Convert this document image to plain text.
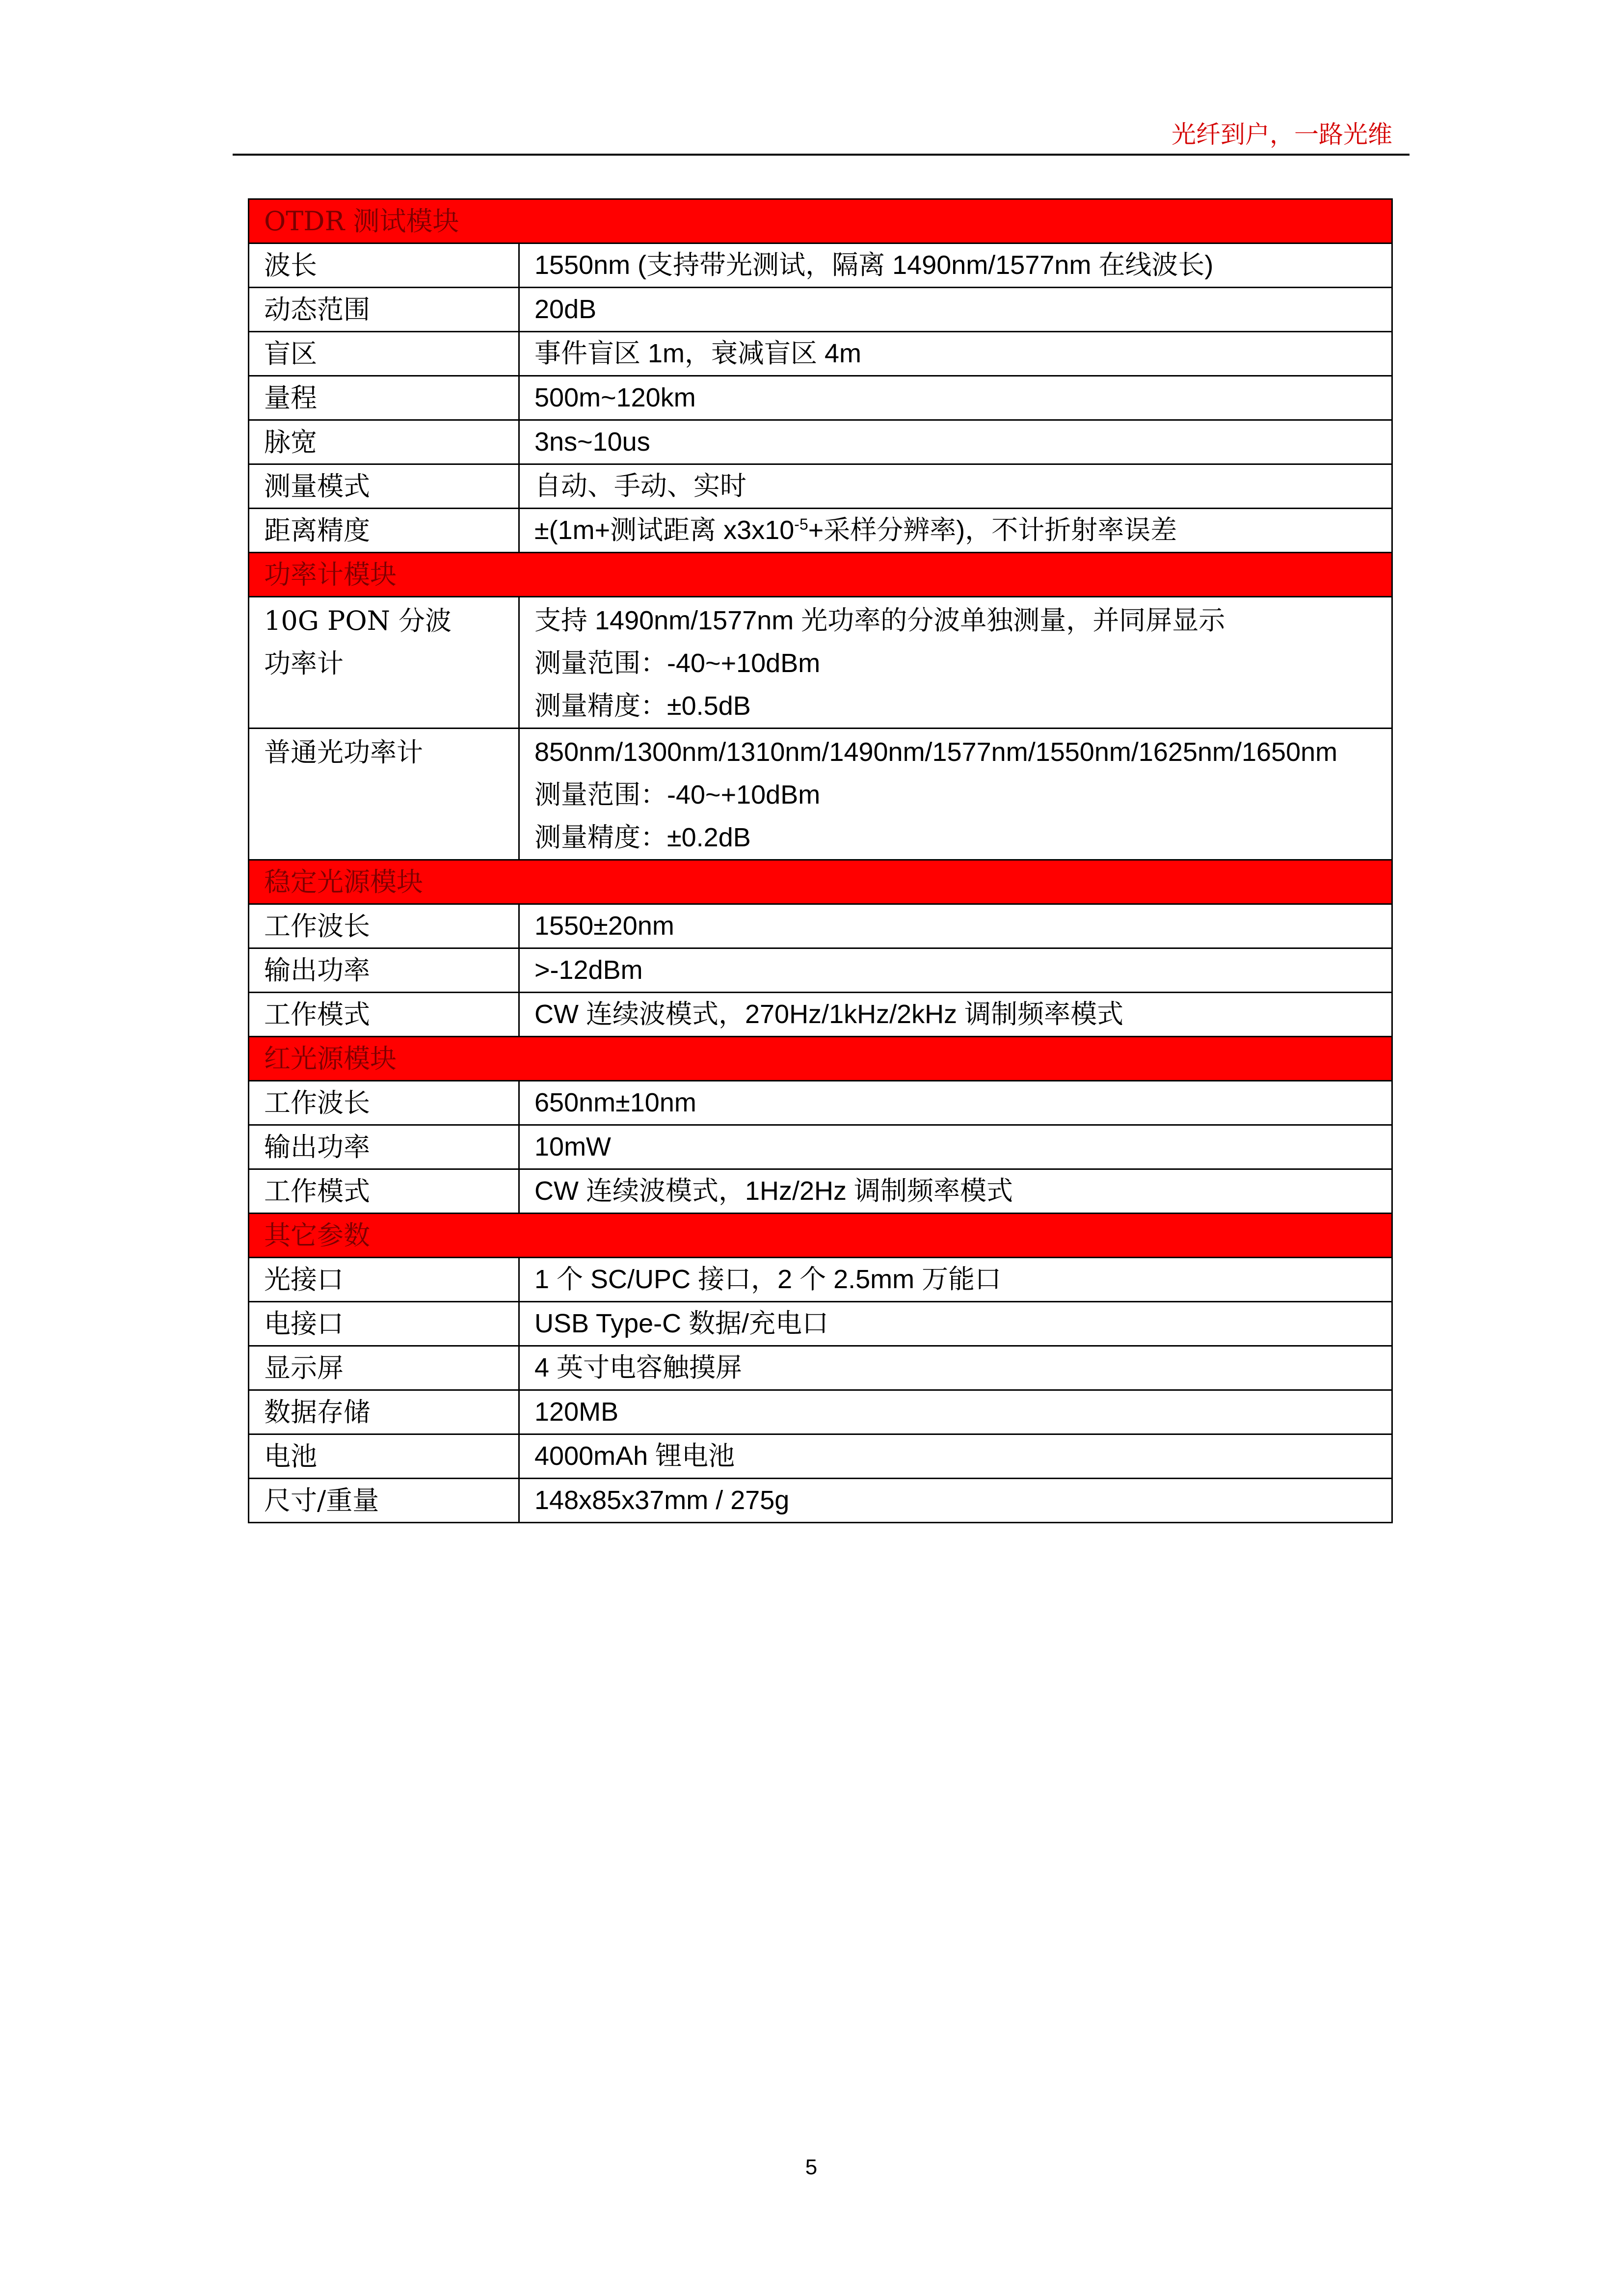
光纤到户，一路光维
OTDR 测试模块	
波长	1550nm (支持带光测试，隔离 1490nm/1577nm 在线波长)
动态范围	20dB
盲区	事件盲区 1m，衰减盲区 4m
量程	500m~120km
脉宽	3ns~10us
测量模式	自动、手动、实时
距离精度	±(1m+测试距离 $x3x10^{-5}+$采样分辨率)，不计折射率误差
功率计模块	

10G PON 分波
功率计	支持 1490nm/1577nm 光功率的分波单独测量，并同屏显示
测量范围：-40~+10dBm
测量精度：±0.5dB

普通光功率计	850nm/1300nm/1310nm/1490nm/1577nm/1550nm/1625nm/1650nm
测量范围：-40~+10dBm
测量精度：±0.2dB

稳定光源模块	
工作波长	1550±20nm
输出功率	>-12dBm
工作模式	CW 连续波模式，270Hz/1kHz/2kHz 调制频率模式
红光源模块	
工作波长	650nm±10nm
输出功率	10mW
工作模式	CW 连续波模式，1Hz/2Hz 调制频率模式
其它参数	
光接口	1 个 SC/UPC 接口，2 个 2.5mm 万能口
电接口	USB Type-C 数据/充电口
显示屏	4 英寸电容触摸屏
数据存储	120MB
电池	4000mAh 锂电池
尺寸/重量	148x85x37mm / 275g
5
